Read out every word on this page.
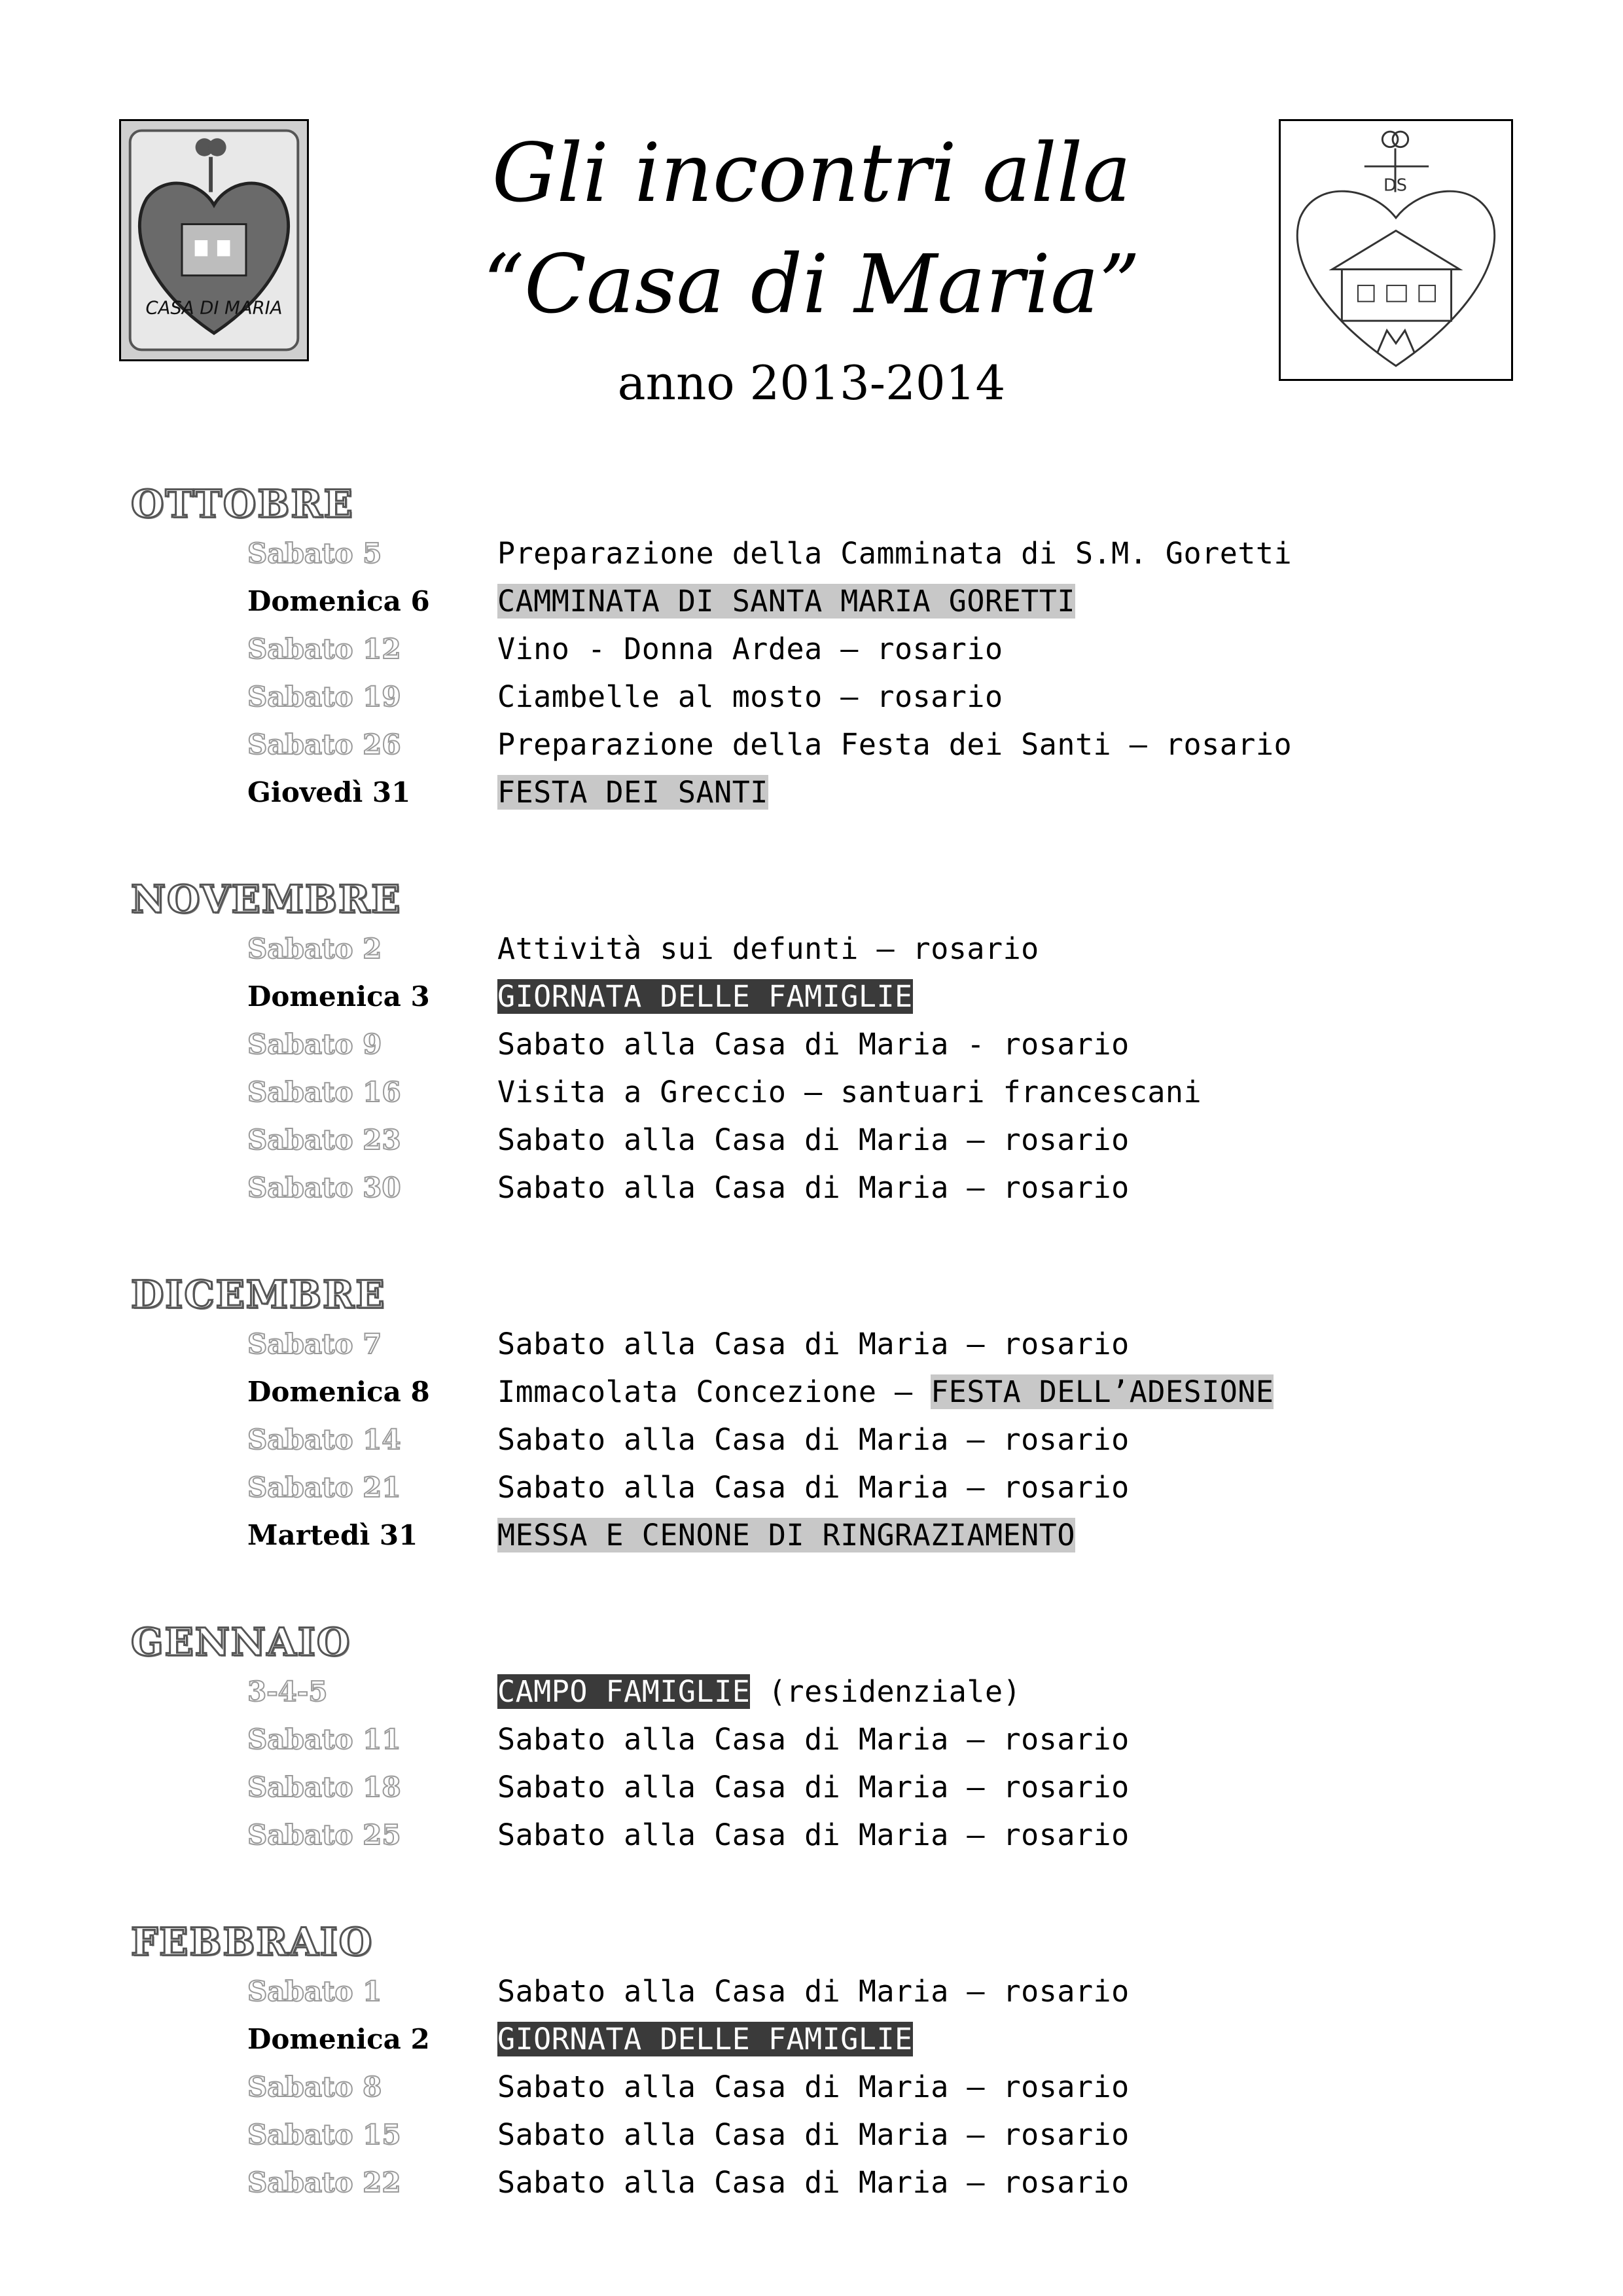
CASA DI MARIA
DS
Gli incontri alla
“Casa di Maria”
anno 2013-2014
OTTOBRE
Sabato 5	Preparazione della Camminata di S.M. Goretti
Domenica 6	CAMMINATA DI SANTA MARIA GORETTI
Sabato 12	Vino - Donna Ardea – rosario
Sabato 19	Ciambelle al mosto – rosario
Sabato 26	Preparazione della Festa dei Santi – rosario
Giovedì 31	FESTA DEI SANTI
NOVEMBRE
Sabato 2	Attività sui defunti – rosario
Domenica 3	GIORNATA DELLE FAMIGLIE
Sabato 9	Sabato alla Casa di Maria - rosario
Sabato 16	Visita a Greccio – santuari francescani
Sabato 23	Sabato alla Casa di Maria – rosario
Sabato 30	Sabato alla Casa di Maria – rosario
DICEMBRE
Sabato 7	Sabato alla Casa di Maria – rosario
Domenica 8	Immacolata Concezione – FESTA DELL’ADESIONE
Sabato 14	Sabato alla Casa di Maria – rosario
Sabato 21	Sabato alla Casa di Maria – rosario
Martedì 31	MESSA E CENONE DI RINGRAZIAMENTO
GENNAIO
3-4-5	CAMPO FAMIGLIE (residenziale)
Sabato 11	Sabato alla Casa di Maria – rosario
Sabato 18	Sabato alla Casa di Maria – rosario
Sabato 25	Sabato alla Casa di Maria – rosario
FEBBRAIO
Sabato 1	Sabato alla Casa di Maria – rosario
Domenica 2	GIORNATA DELLE FAMIGLIE
Sabato 8	Sabato alla Casa di Maria – rosario
Sabato 15	Sabato alla Casa di Maria – rosario
Sabato 22	Sabato alla Casa di Maria – rosario
